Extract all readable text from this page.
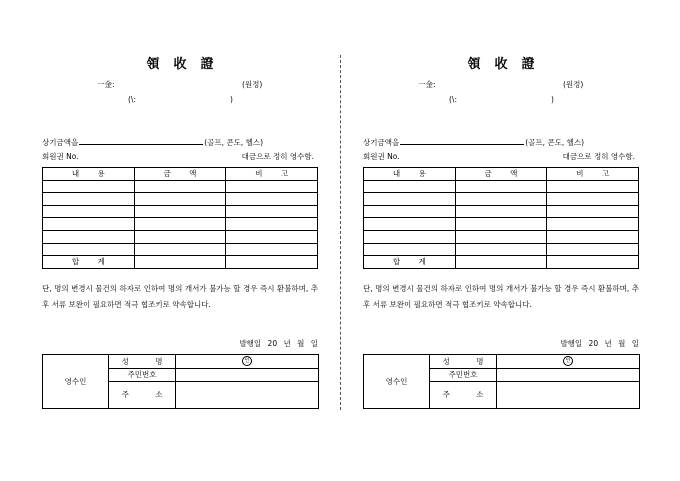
領收證
一金:	(원정)
(\:	)
상기금액을	(골프, 콘도, 헬스)
회원권 No.	대금으로 정히 영수함.
내 용	금 액	비 고

합 계		
단, 명의 변경시 물건의 하자로 인하여 명의 개서가 불가능 할 경우 즉시 환불하며, 추후 서류 보완이 필요하면 적극 협조키로 약속합니다.
발행일 20 년 월 일
영수인	성 명	인
	주민번호	
	주 소	
領收證
一金:	(원정)
(\:	)
상기금액을	(골프, 콘도, 헬스)
회원권 No.	대금으로 정히 영수함.
내 용	금 액	비 고

합 계		
단, 명의 변경시 물건의 하자로 인하여 명의 개서가 불가능 할 경우 즉시 환불하며, 추후 서류 보완이 필요하면 적극 협조키로 약속합니다.
발행일 20 년 월 일
영수인	성 명	인
	주민번호	
	주 소	
